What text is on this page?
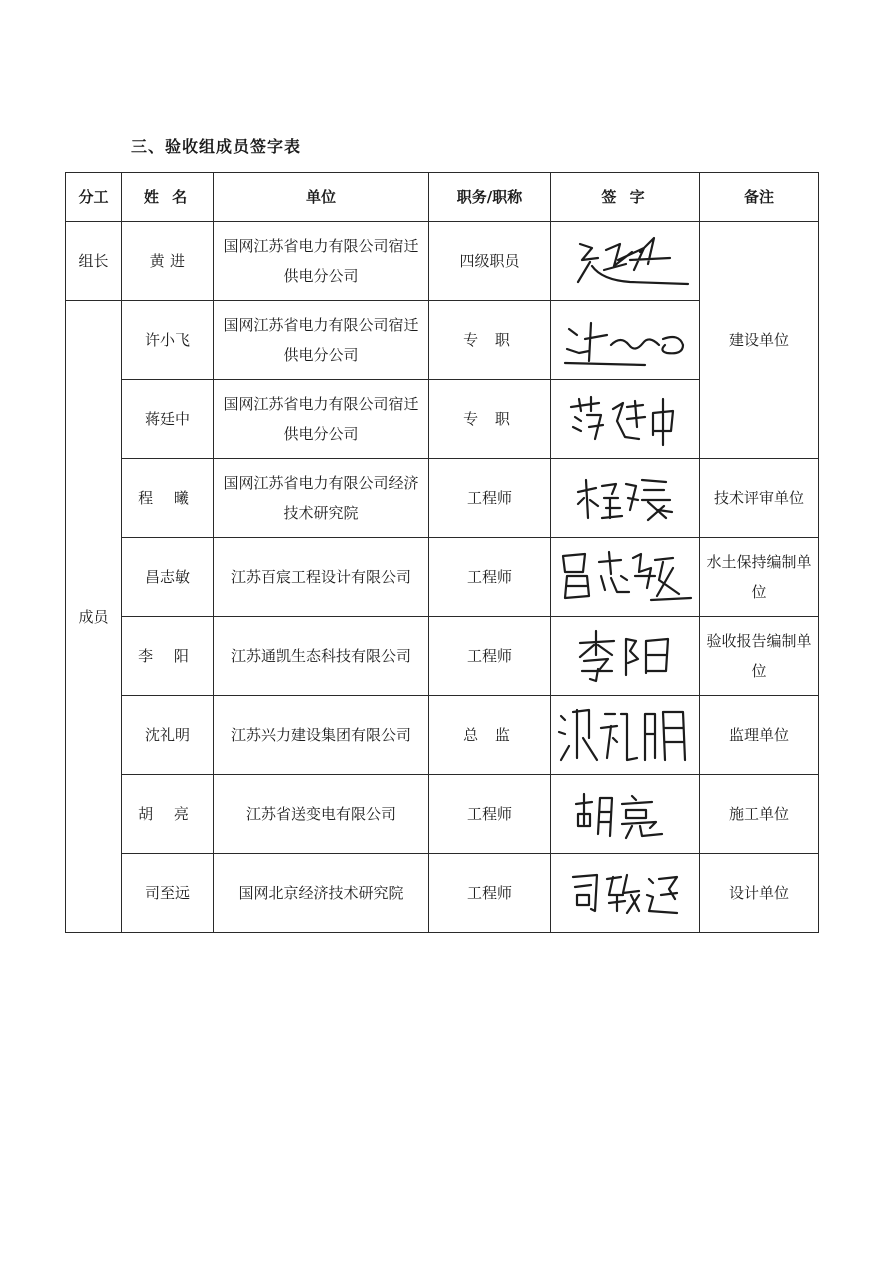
三、验收组成员签字表
分工	姓 名	单位	职务/职称	签 字	备注
组长	黄 进	国网江苏省电力有限公司宿迁供电分公司	四级职员		建设单位
成员	许小飞	国网江苏省电力有限公司宿迁供电分公司	专 职	

	蒋廷中	国网江苏省电力有限公司宿迁供电分公司	专 职	

	程 曦	国网江苏省电力有限公司经济技术研究院	工程师		技术评审单位
	昌志敏	江苏百宸工程设计有限公司	工程师		水土保持编制单位
	李 阳	江苏通凯生态科技有限公司	工程师		验收报告编制单位
	沈礼明	江苏兴力建设集团有限公司	总 监		监理单位
	胡 亮	江苏省送变电有限公司	工程师		施工单位
	司至远	国网北京经济技术研究院	工程师		设计单位
